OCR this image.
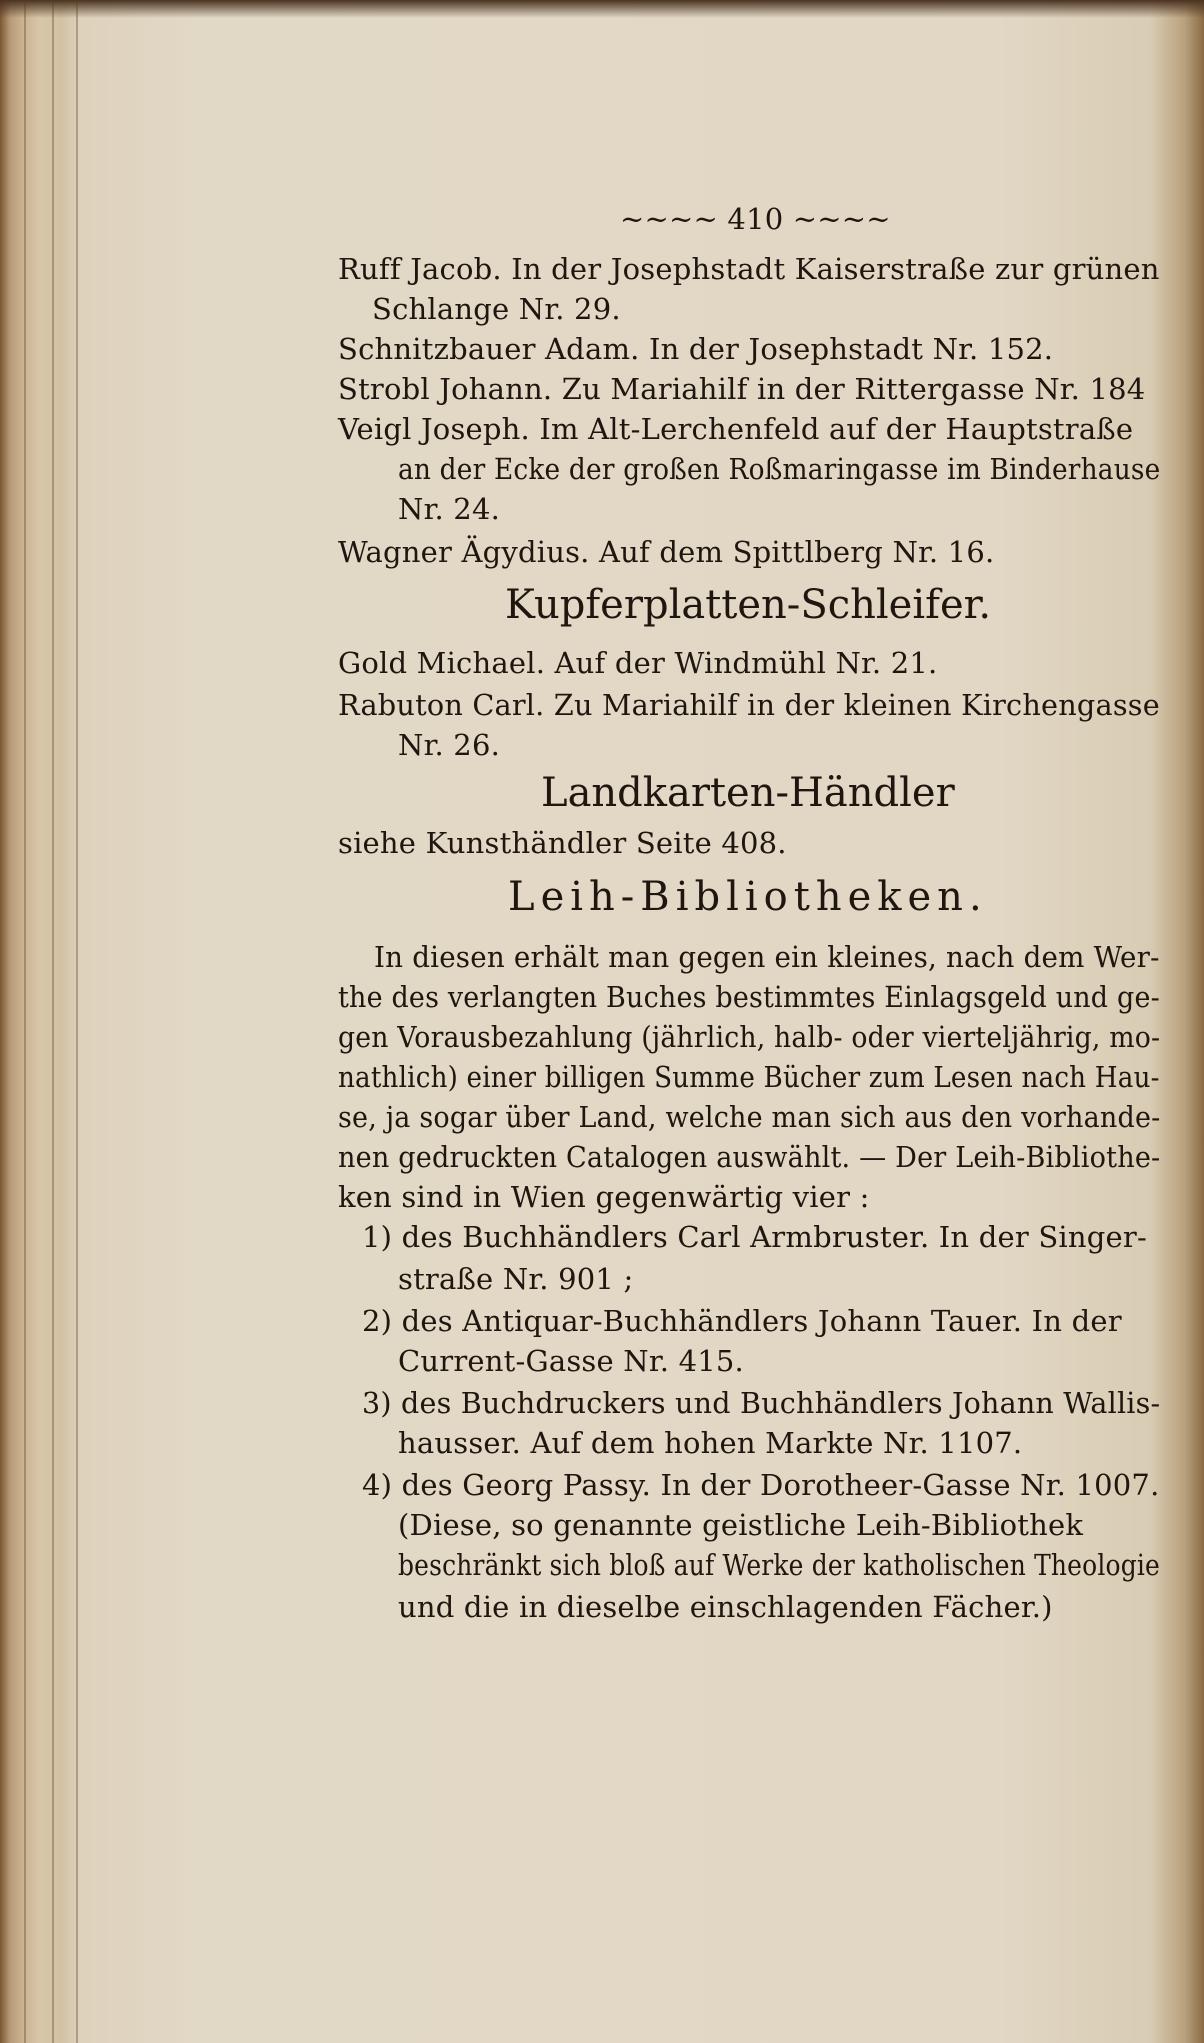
~~~~ 410 ~~~~
Ruff Jacob. In der Josephstadt Kaiserstraße zur grünen
Schlange Nr. 29.
Schnitzbauer Adam. In der Josephstadt Nr. 152.
Strobl Johann. Zu Mariahilf in der Rittergasse Nr. 184
Veigl Joseph. Im Alt-Lerchenfeld auf der Hauptstraße
an der Ecke der großen Roßmaringasse im Binderhause
Nr. 24.
Wagner Ägydius. Auf dem Spittlberg Nr. 16.
Kupferplatten-Schleifer.
Gold Michael. Auf der Windmühl Nr. 21.
Rabuton Carl. Zu Mariahilf in der kleinen Kirchengasse
Nr. 26.
Landkarten-Händler
siehe Kunsthändler Seite 408.
Leih-Bibliotheken.
In diesen erhält man gegen ein kleines, nach dem Wer-
the des verlangten Buches bestimmtes Einlagsgeld und ge-
gen Vorausbezahlung (jährlich, halb- oder vierteljährig, mo-
nathlich) einer billigen Summe Bücher zum Lesen nach Hau-
se, ja sogar über Land, welche man sich aus den vorhande-
nen gedruckten Catalogen auswählt. — Der Leih-Bibliothe-
ken sind in Wien gegenwärtig vier :
1) des Buchhändlers Carl Armbruster. In der Singer-
straße Nr. 901 ;
2) des Antiquar-Buchhändlers Johann Tauer. In der
Current-Gasse Nr. 415.
3) des Buchdruckers und Buchhändlers Johann Wallis-
hausser. Auf dem hohen Markte Nr. 1107.
4) des Georg Passy. In der Dorotheer-Gasse Nr. 1007.
(Diese, so genannte geistliche Leih-Bibliothek
beschränkt sich bloß auf Werke der katholischen Theologie
und die in dieselbe einschlagenden Fächer.)
